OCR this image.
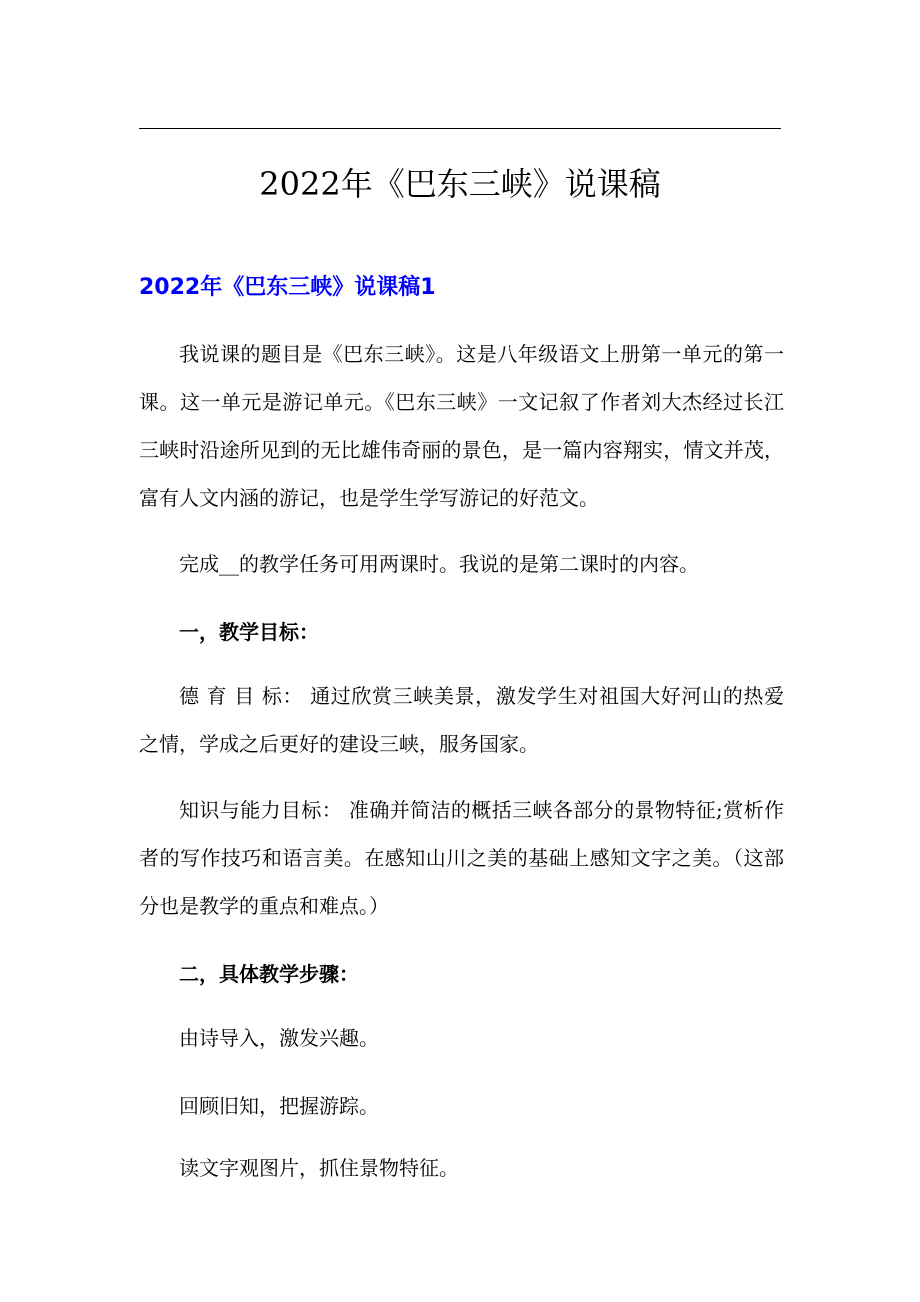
2022年《巴东三峡》说课稿
2022年《巴东三峡》说课稿1

我说课的题目是《巴东三峡》。这是八年级语文上册第一单元的第一课。这一单元是游记单元。《巴东三峡》一文记叙了作者刘大杰经过长江三峡时沿途所见到的无比雄伟奇丽的景色，是一篇内容翔实，情文并茂，富有人文内涵的游记，也是学生学写游记的好范文。

完成__的教学任务可用两课时。我说的是第二课时的内容。

一，教学目标：

德 育 目 标： 通过欣赏三峡美景，激发学生对祖国大好河山的热爱之情，学成之后更好的建设三峡，服务国家。

知识与能力目标： 准确并简洁的概括三峡各部分的景物特征;赏析作者的写作技巧和语言美。在感知山川之美的基础上感知文字之美。（这部分也是教学的重点和难点。）

二，具体教学步骤：
由诗导入，激发兴趣。
回顾旧知，把握游踪。
读文字观图片，抓住景物特征。
